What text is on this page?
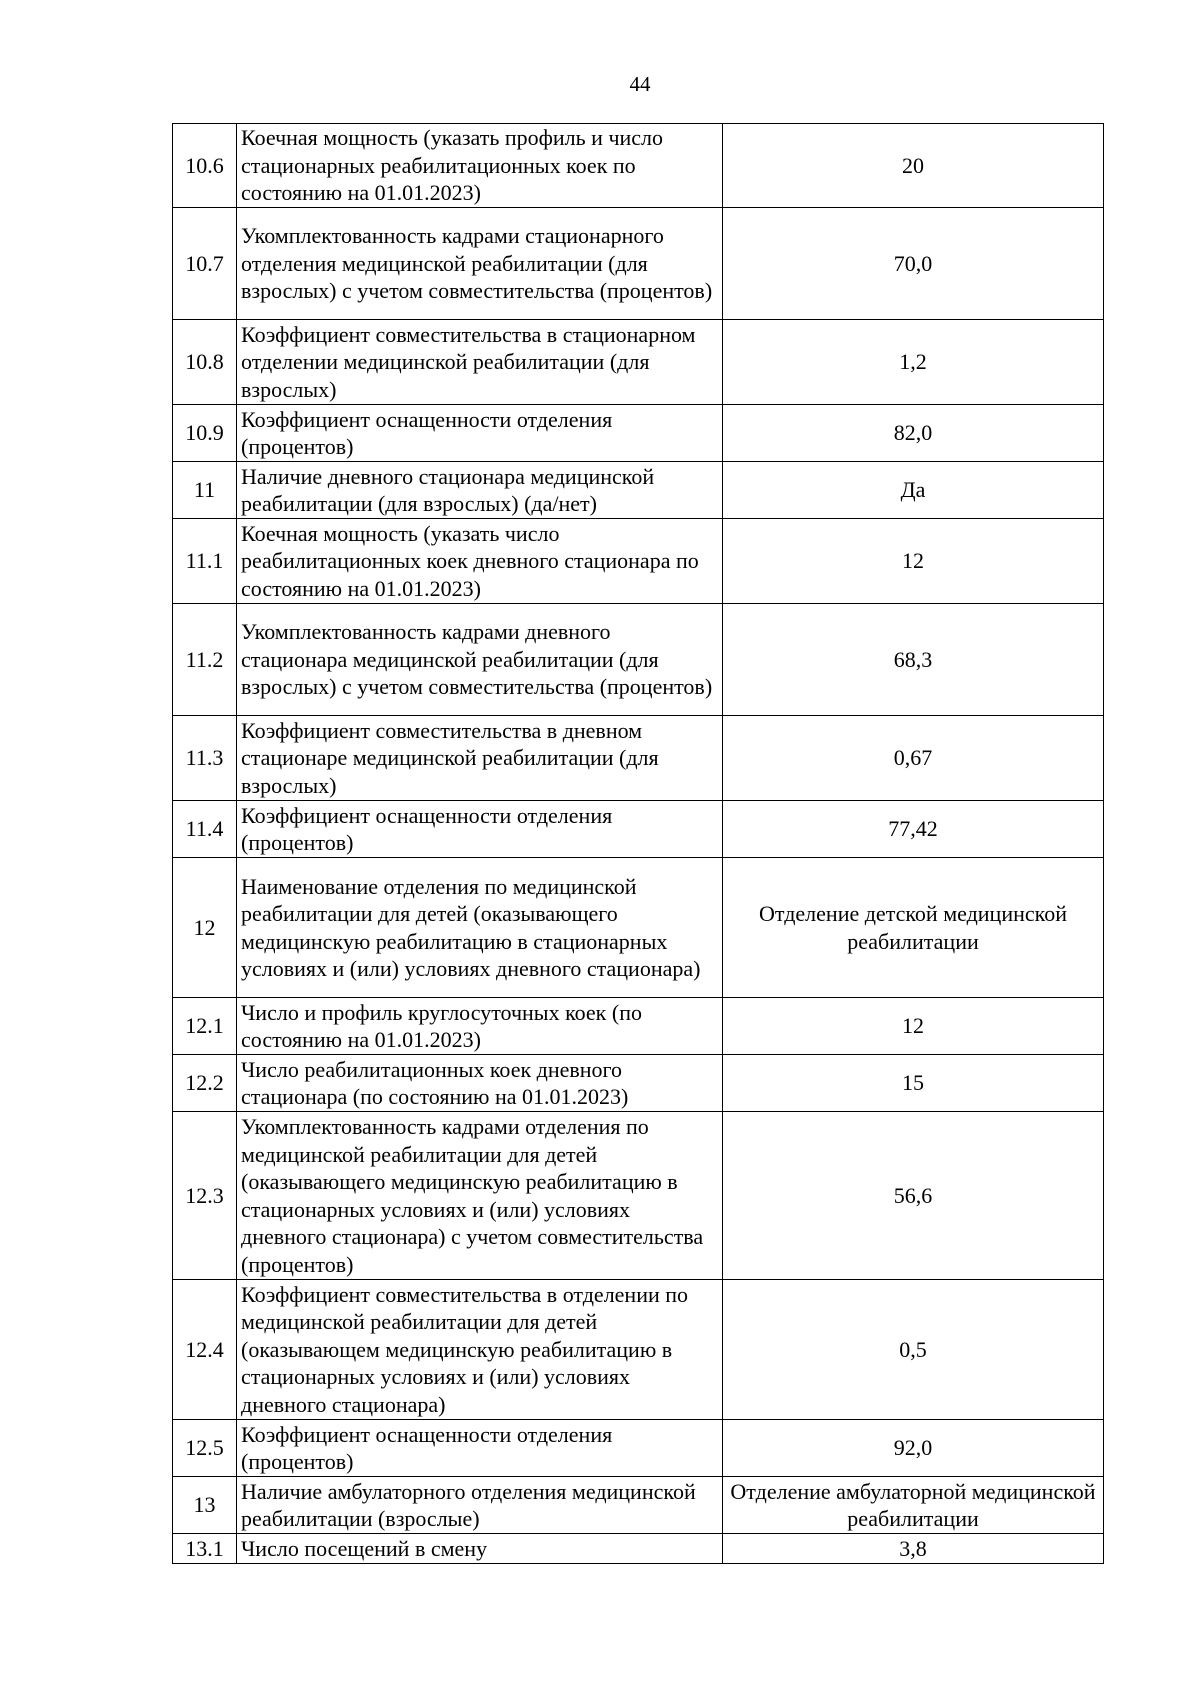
44
10.6	Коечная мощность (указать профиль и число стационарных реабилитационных коек по состоянию на 01.01.2023)	20
10.7	Укомплектованность кадрами стационарного отделения медицинской реабилитации (для взрослых) с учетом совместительства (процентов)	70,0
10.8	Коэффициент совместительства в стационарном отделении медицинской реабилитации (для взрослых)	1,2
10.9	Коэффициент оснащенности отделения (процентов)	82,0
11	Наличие дневного стационара медицинской реабилитации (для взрослых) (да/нет)	Да
11.1	Коечная мощность (указать число реабилитационных коек дневного стационара по состоянию на 01.01.2023)	12
11.2	Укомплектованность кадрами дневного стационара медицинской реабилитации (для взрослых) с учетом совместительства (процентов)	68,3
11.3	Коэффициент совместительства в дневном стационаре медицинской реабилитации (для взрослых)	0,67
11.4	Коэффициент оснащенности отделения (процентов)	77,42
12	Наименование отделения по медицинской реабилитации для детей (оказывающего медицинскую реабилитацию в стационарных условиях и (или) условиях дневного стационара)	Отделение детской медицинской реабилитации
12.1	Число и профиль круглосуточных коек (по состоянию на 01.01.2023)	12
12.2	Число реабилитационных коек дневного стационара (по состоянию на 01.01.2023)	15
12.3	Укомплектованность кадрами отделения по медицинской реабилитации для детей (оказывающего медицинскую реабилитацию в стационарных условиях и (или) условиях дневного стационара) с учетом совместительства (процентов)	56,6
12.4	Коэффициент совместительства в отделении по медицинской реабилитации для детей (оказывающем медицинскую реабилитацию в стационарных условиях и (или) условиях дневного стационара)	0,5
12.5	Коэффициент оснащенности отделения (процентов)	92,0
13	Наличие амбулаторного отделения медицинской реабилитации (взрослые)	Отделение амбулаторной медицинской реабилитации
13.1	Число посещений в смену	3,8
